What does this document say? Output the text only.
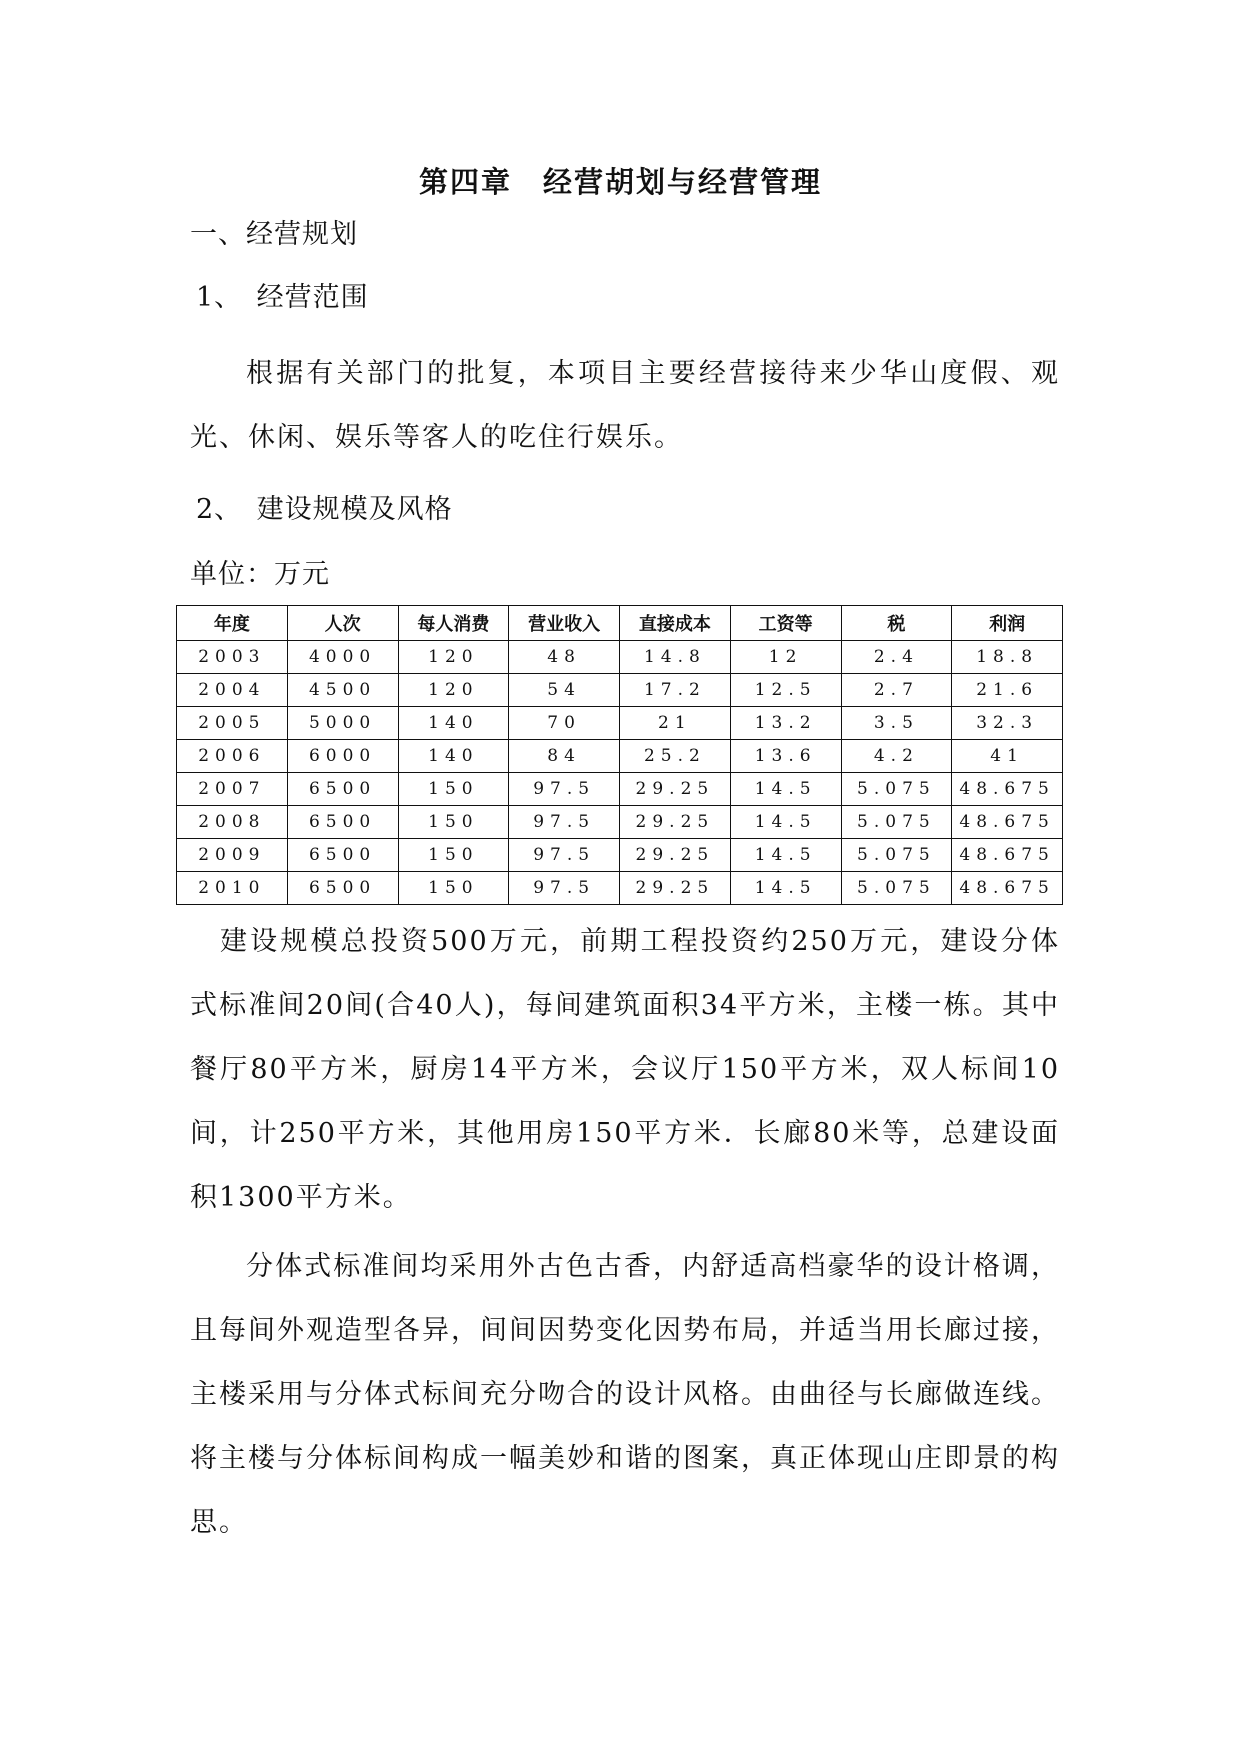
第四章　经营胡划与经营管理
一、经营规划
1、　经营范围

根据有关部门的批复，本项目主要经营接待来少华山度假、观光、休闲、娱乐等客人的吃住行娱乐。

2、　建设规模及风格
单位：万元
年度	人次	每人消费	营业收入	直接成本	工资等	税	利润
2003	4000	120	48	14.8	12	2.4	18.8
2004	4500	120	54	17.2	12.5	2.7	21.6
2005	5000	140	70	21	13.2	3.5	32.3
2006	6000	140	84	25.2	13.6	4.2	41
2007	6500	150	97.5	29.25	14.5	5.075	48.675
2008	6500	150	97.5	29.25	14.5	5.075	48.675
2009	6500	150	97.5	29.25	14.5	5.075	48.675
2010	6500	150	97.5	29.25	14.5	5.075	48.675

建设规模总投资500万元，前期工程投资约250万元，建设分体式标准间20间(合40人)，每间建筑面积34平方米，主楼一栋。其中餐厅80平方米，厨房14平方米，会议厅150平方米，双人标间10间，计250平方米，其他用房150平方米．长廊80米等，总建设面积1300平方米。

分体式标准间均采用外古色古香，内舒适高档豪华的设计格调，且每间外观造型各异，间间因势变化因势布局，并适当用长廊过接，主楼采用与分体式标间充分吻合的设计风格。由曲径与长廊做连线。将主楼与分体标间构成一幅美妙和谐的图案，真正体现山庄即景的构思。
